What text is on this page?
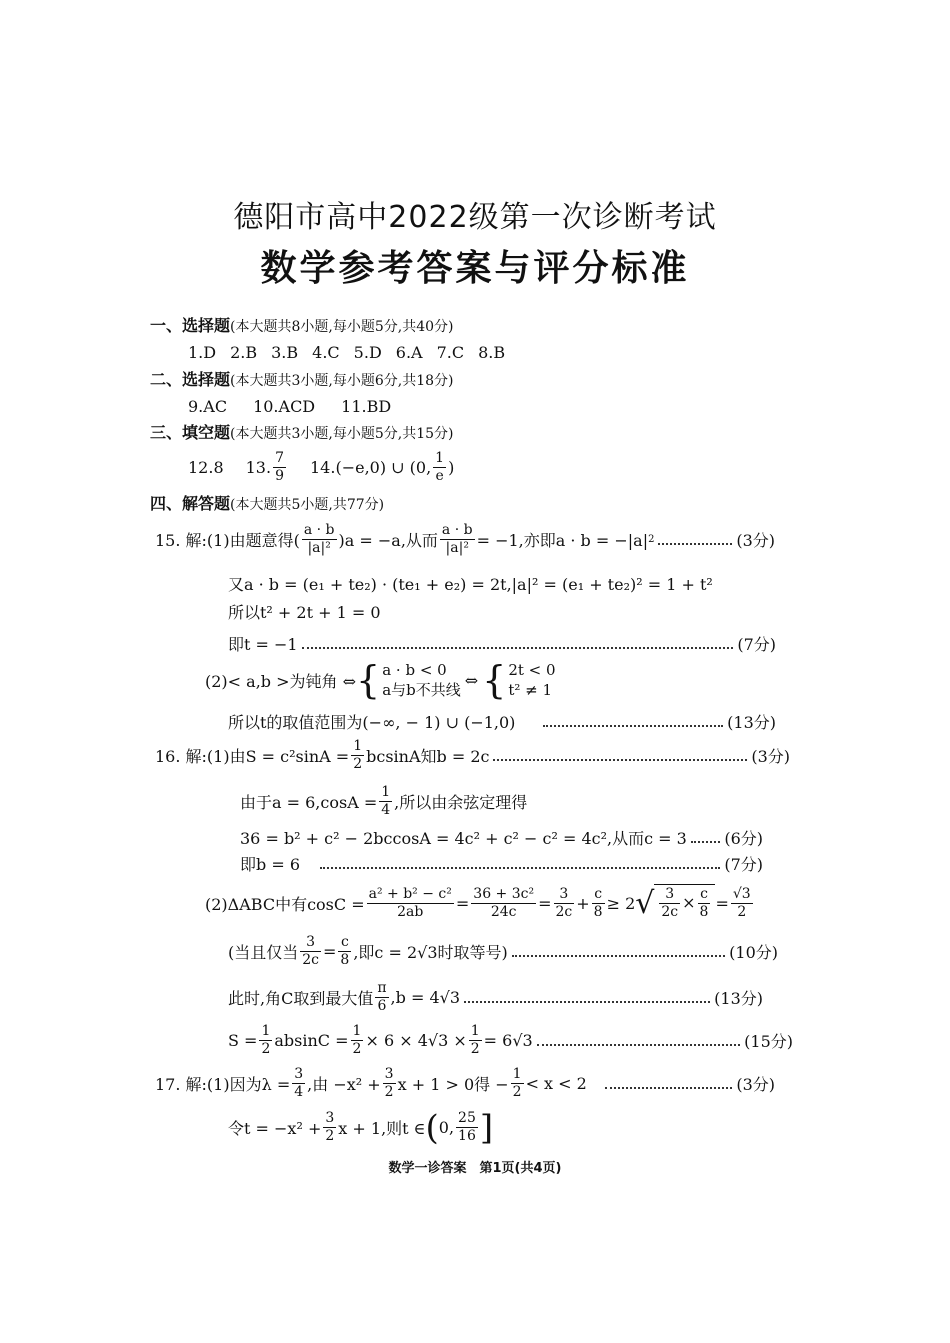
德阳市高中2022级第一次诊断考试
数学参考答案与评分标准
一、选择题(本大题共8小题,每小题5分,共40分)
1.D 2.B 3.B 4.C 5.D 6.A 7.C 8.B
二、选择题(本大题共3小题,每小题6分,共18分)
9.AC 10.ACD 11.BD
三、填空题(本大题共3小题,每小题5分,共15分)
12.8 13. $\frac{7}{9} 14.(-e,0)$ ∪ (0, $\frac{1}{e}$ )
四、解答题(本大题共5小题,共77分)
15. 解:(1)由题意得( $\frac{a \cdot b}{\text{|a|²}} )a = -a$,从而 $\frac{a \cdot b}{\text{|a|²}} = -1$,亦即a · b = −|a| 2	(3分)
又a · b = (e₁ + te₂) · (te₁ + e₂) = 2t,|a|² = (e₁ + te₂)² = 1 + t²
所以t² + 2t + 1 = 0
即t = −1	(7分)
(2)< a,b >为钝角 ⇔ { a · b < 0
a与b不共线
⇔ { 2t < 0
t² ≠ 1
所以t的取值范围为(−∞, − 1) ∪ (−1,0)	(13分)
16. 解:(1)由$S = c^2\sin A = \frac{1}{2}$ bcsinA知b = 2c	(3分)
由于$a = 6,\cos A = \frac{1}{4}$ ,所以由余弦定理得
36 = b² + c² − 2bccosA = 4c² + c² − c² = 4c²,从而c = 3 (6分)
即b = 6	(7分)
(2)ΔABC中有$\cos C = \frac{\text{a² + b² − c²}}{2ab} = \frac{\text{36 + 3c²}}{24c} = \frac{3}{2c} + \frac{c}{8} \ge 2$ √ $\frac{3}{2c} \times \frac{c}{8} = \frac{√3}{2}$
(当且仅当 $\frac{3}{2c} = \frac{c}{8}$ ,即c = 2√3时取等号)	(10分)
此时,角C取到最大值 $\frac{\pi}{6} ,b = 4√3$	(13分)
$S = \frac{1}{2}$ $absinC = \frac{1}{2} \times 6 \times 4√3 \times \frac{1}{2} = 6√3$	(15分)
17. 解:(1)因为$\lambda = \frac{3}{4}$ ,由 $-x^2 + \frac{3}{2}$ x + 1 > 0得 − $\frac{1}{2} < x < 2$	(3分)
令$t = -x^2 + \frac{3}{2}$ x + 1,则t ∈ ( 0, $\frac{25}{16}$ ]
数学一诊答案　第1页(共4页)
